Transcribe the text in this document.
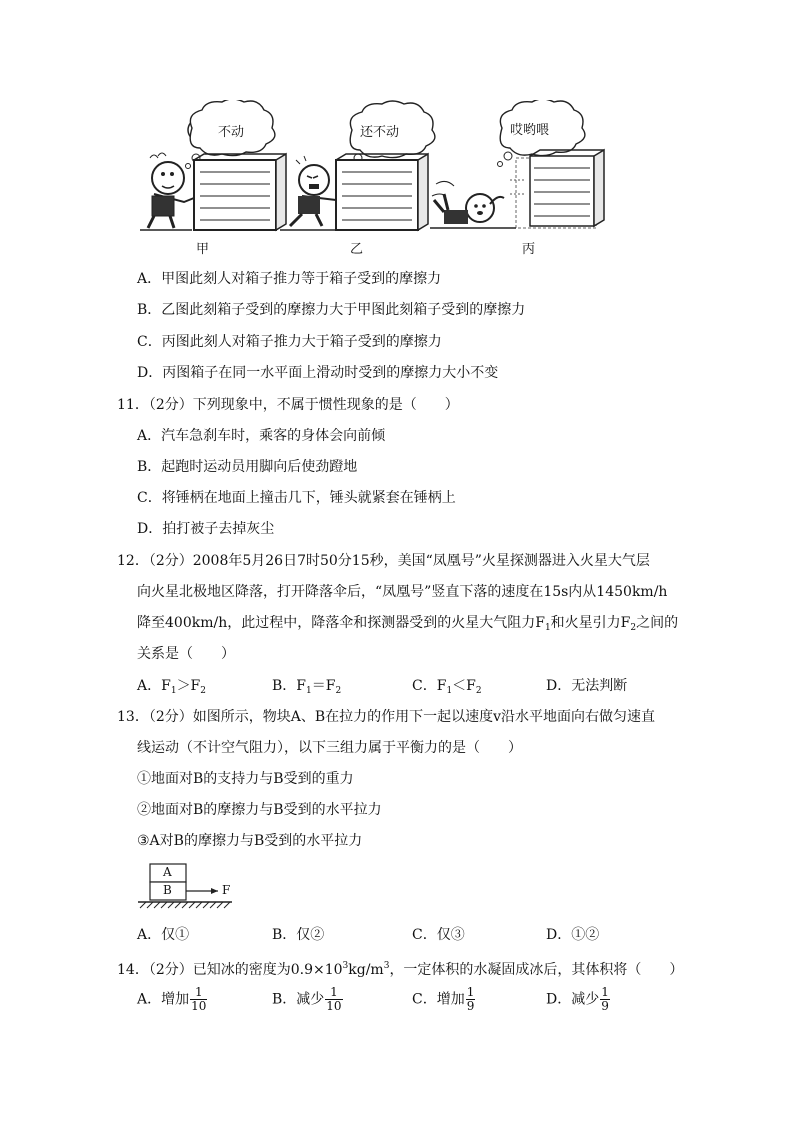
不动	还不动	哎哟喂
甲	乙	丙
A．甲图此刻人对箱子推力等于箱子受到的摩擦力
B．乙图此刻箱子受到的摩擦力大于甲图此刻箱子受到的摩擦力
C．丙图此刻人对箱子推力大于箱子受到的摩擦力
D．丙图箱子在同一水平面上滑动时受到的摩擦力大小不变
11．（2分）下列现象中，不属于惯性现象的是（　　）
A．汽车急刹车时，乘客的身体会向前倾
B．起跑时运动员用脚向后使劲蹬地
C．将锤柄在地面上撞击几下，锤头就紧套在锤柄上
D．拍打被子去掉灰尘
12．（2分）2008年5月26日7时50分15秒，美国“凤凰号”火星探测器进入火星大气层
向火星北极地区降落，打开降落伞后，“凤凰号”竖直下落的速度在15s内从1450km/h
降至400km/h，此过程中，降落伞和探测器受到的火星大气阻力$F_1$和火星引力$F_2$之间的
关系是（　　）
A．$F_1>F_2$	B．$F_1=F_2$	C．$F_1<F_2$	D．无法判断
13．（2分）如图所示，物块A、B在拉力的作用下一起以速度v沿水平地面向右做匀速直
线运动（不计空气阻力），以下三组力属于平衡力的是（　　）
①地面对B的支持力与B受到的重力
②地面对B的摩擦力与B受到的水平拉力
③A对B的摩擦力与B受到的水平拉力
A
B	F
A．仅①	B．仅②	C．仅③	D．①②
14．（2分）已知冰的密度为$0.9\times 10^3kg/m^3$，一定体积的水凝固成冰后，其体积将（　　）
A．增加 $\frac{1}{10}$	B．减少 $\frac{1}{10}$	C．增加 $\frac{1}{9}$	D．减少 $\frac{1}{9}$
